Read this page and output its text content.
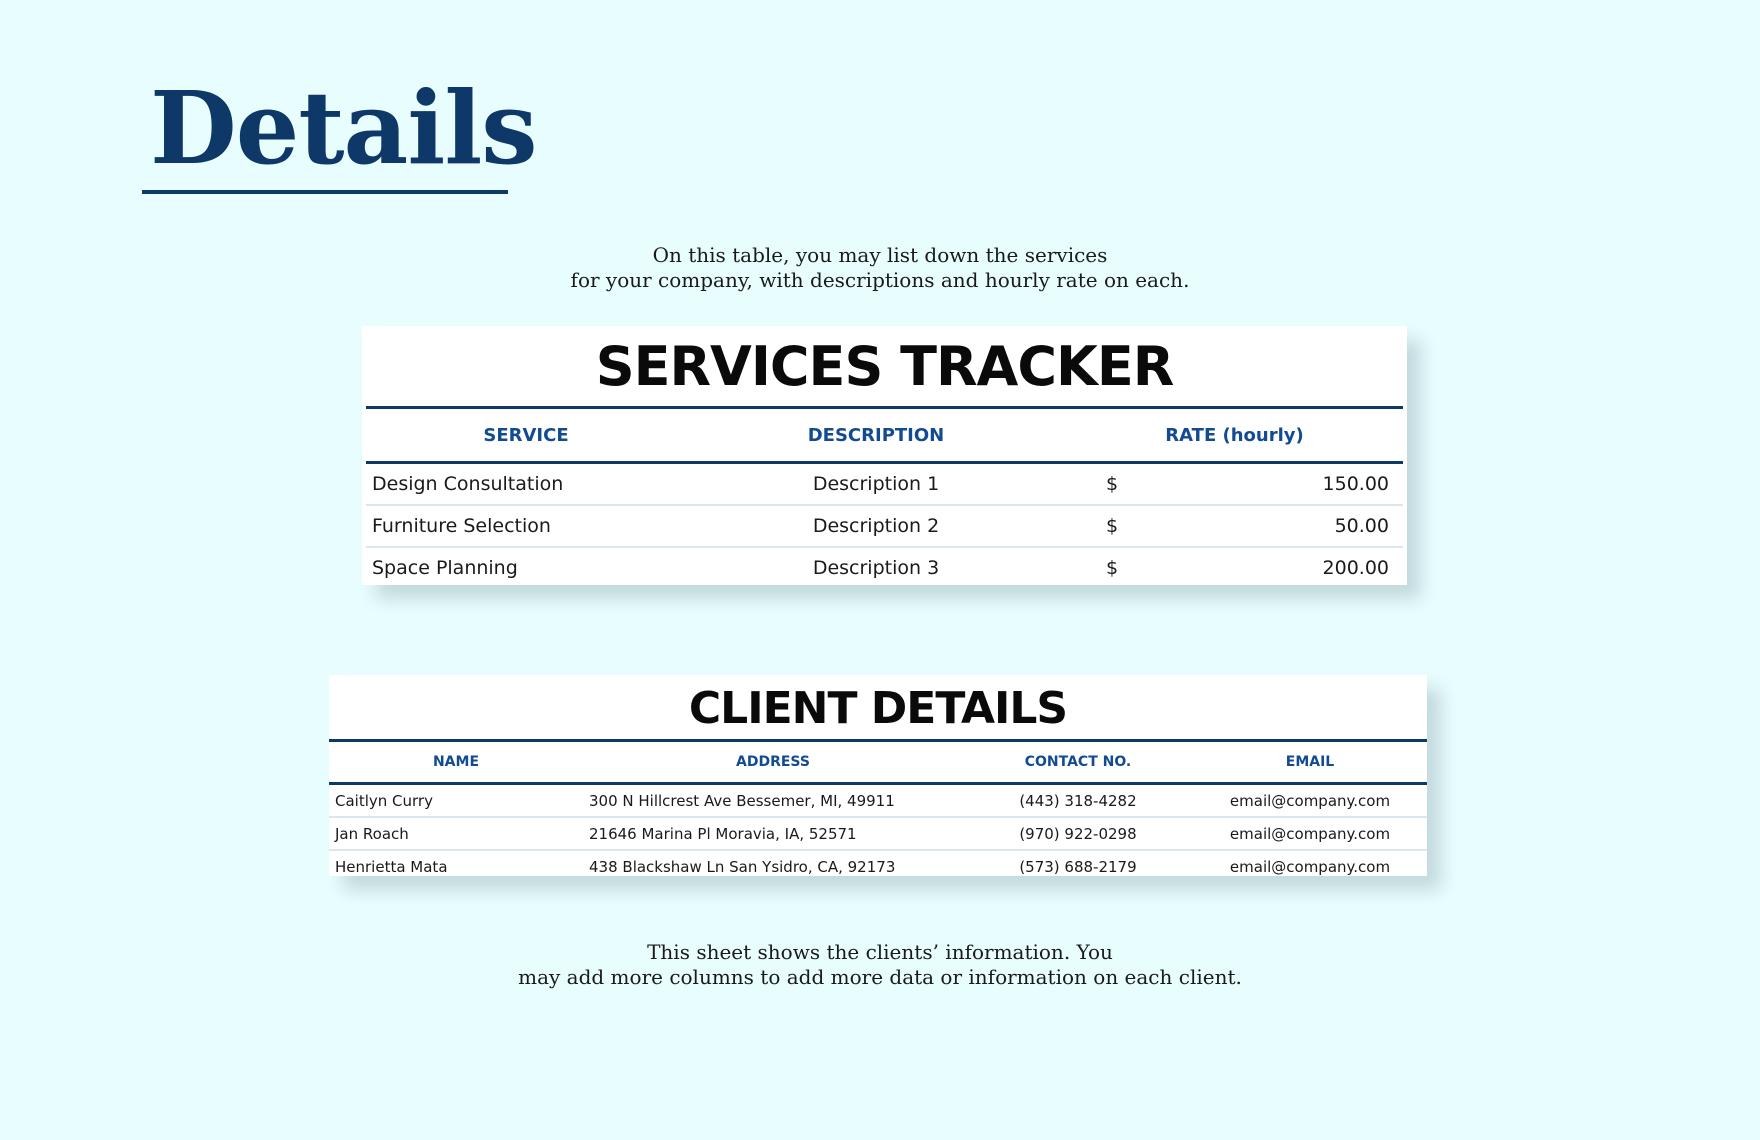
Details
On this table, you may list down the services
for your company, with descriptions and hourly rate on each.
SERVICES TRACKER
SERVICE	DESCRIPTION	RATE (hourly)	
Design Consultation	Description 1	$	150.00
Furniture Selection	Description 2	$	50.00
Space Planning	Description 3	$	200.00
CLIENT DETAILS
NAME	ADDRESS	CONTACT NO.	EMAIL
Caitlyn Curry	300 N Hillcrest Ave Bessemer, MI, 49911	(443) 318-4282	email@company.com
Jan Roach	21646 Marina Pl Moravia, IA, 52571	(970) 922-0298	email@company.com
Henrietta Mata	438 Blackshaw Ln San Ysidro, CA, 92173	(573) 688-2179	email@company.com
This sheet shows the clients’ information. You
may add more columns to add more data or information on each client.
